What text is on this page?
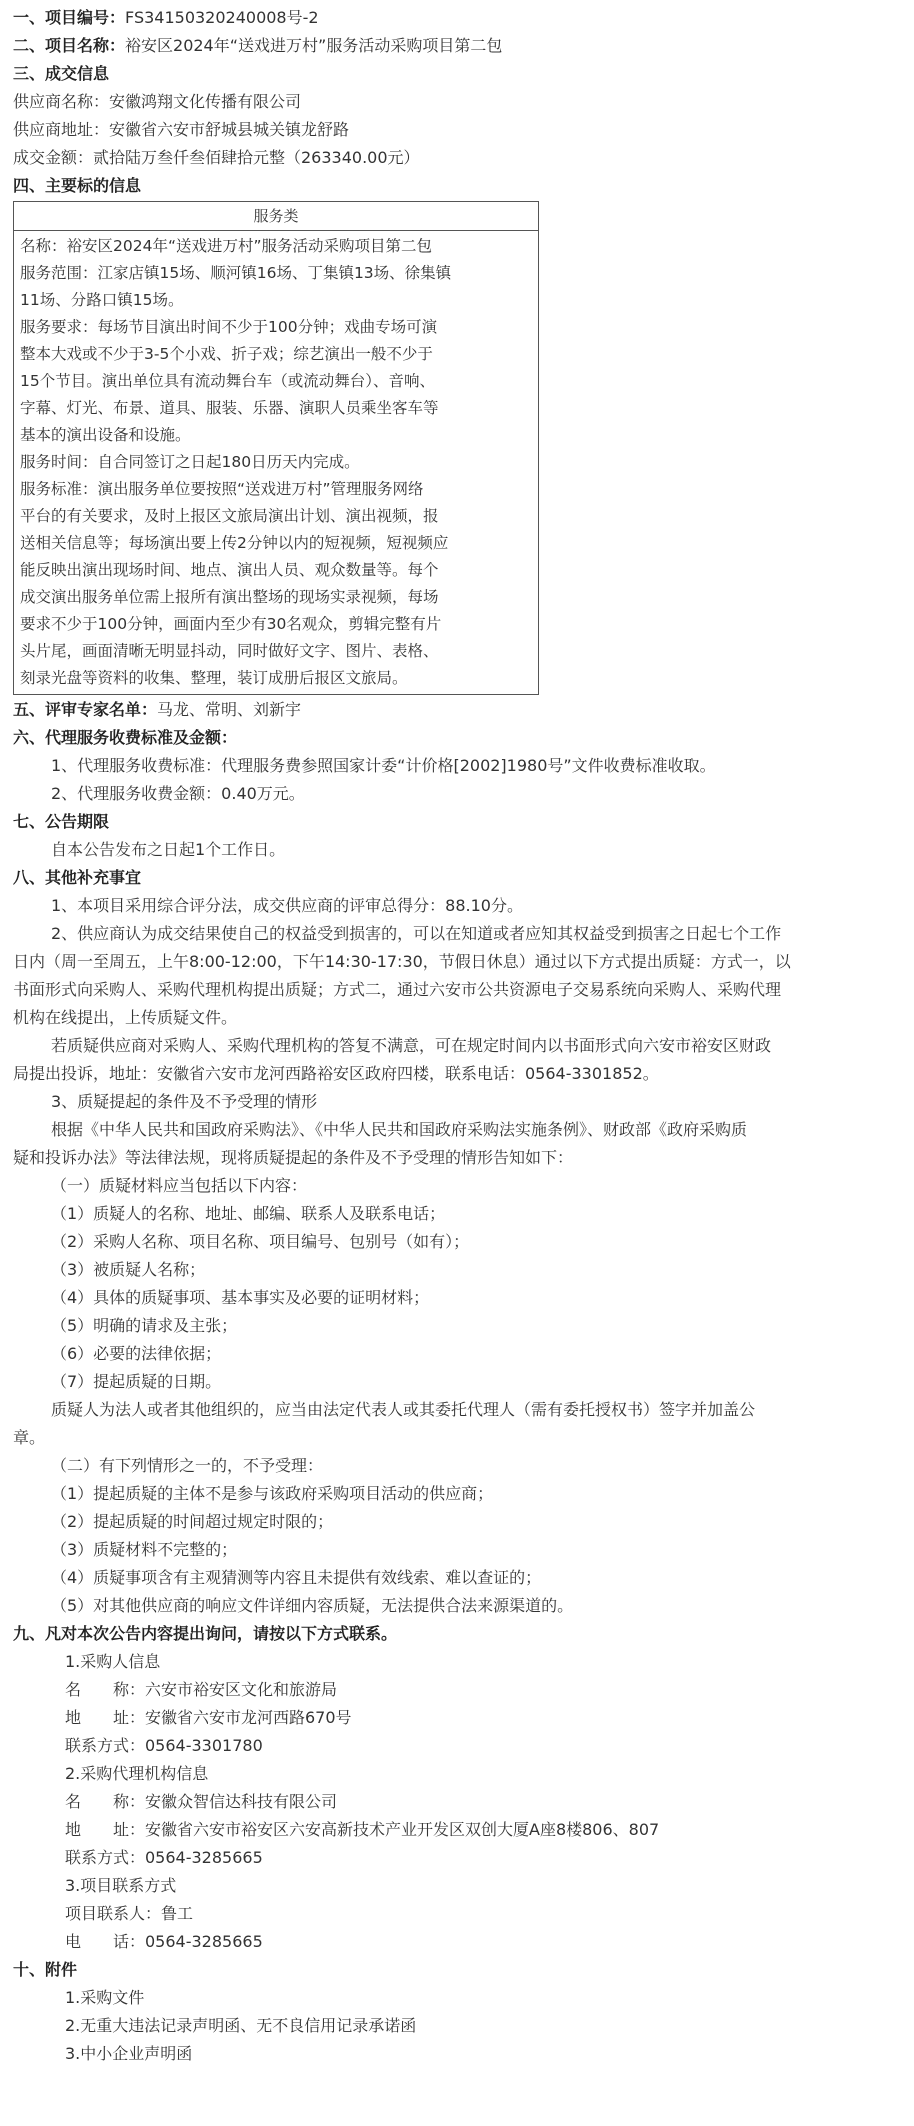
一、项目编号：FS34150320240008号-2
二、项目名称：裕安区2024年“送戏进万村”服务活动采购项目第二包
三、成交信息
供应商名称：安徽鸿翔文化传播有限公司
供应商地址：安徽省六安市舒城县城关镇龙舒路
成交金额：贰拾陆万叁仟叁佰肆拾元整（263340.00元）
四、主要标的信息
服务类
名称：裕安区2024年“送戏进万村”服务活动采购项目第二包
服务范围：江家店镇15场、顺河镇16场、丁集镇13场、徐集镇
11场、分路口镇15场。
服务要求：每场节目演出时间不少于100分钟；戏曲专场可演
整本大戏或不少于3-5个小戏、折子戏；综艺演出一般不少于
15个节目。演出单位具有流动舞台车（或流动舞台）、音响、
字幕、灯光、布景、道具、服装、乐器、演职人员乘坐客车等
基本的演出设备和设施。
服务时间：自合同签订之日起180日历天内完成。
服务标准：演出服务单位要按照“送戏进万村”管理服务网络
平台的有关要求，及时上报区文旅局演出计划、演出视频，报
送相关信息等；每场演出要上传2分钟以内的短视频，短视频应
能反映出演出现场时间、地点、演出人员、观众数量等。每个
成交演出服务单位需上报所有演出整场的现场实录视频，每场
要求不少于100分钟，画面内至少有30名观众，剪辑完整有片
头片尾，画面清晰无明显抖动，同时做好文字、图片、表格、
刻录光盘等资料的收集、整理，装订成册后报区文旅局。
五、评审专家名单：马龙、常明、刘新宇
六、代理服务收费标准及金额：
1、代理服务收费标准：代理服务费参照国家计委“计价格[2002]1980号”文件收费标准收取。
2、代理服务收费金额：0.40万元。
七、公告期限
自本公告发布之日起1个工作日。
八、其他补充事宜
1、本项目采用综合评分法，成交供应商的评审总得分：88.10分。
2、供应商认为成交结果使自己的权益受到损害的，可以在知道或者应知其权益受到损害之日起七个工作
日内（周一至周五，上午8:00-12:00，下午14:30-17:30，节假日休息）通过以下方式提出质疑：方式一，以
书面形式向采购人、采购代理机构提出质疑；方式二，通过六安市公共资源电子交易系统向采购人、采购代理
机构在线提出，上传质疑文件。
若质疑供应商对采购人、采购代理机构的答复不满意，可在规定时间内以书面形式向六安市裕安区财政
局提出投诉，地址：安徽省六安市龙河西路裕安区政府四楼，联系电话：0564-3301852。
3、质疑提起的条件及不予受理的情形
根据《中华人民共和国政府采购法》、《中华人民共和国政府采购法实施条例》、财政部《政府采购质
疑和投诉办法》等法律法规，现将质疑提起的条件及不予受理的情形告知如下：
（一）质疑材料应当包括以下内容：
（1）质疑人的名称、地址、邮编、联系人及联系电话；
（2）采购人名称、项目名称、项目编号、包别号（如有）；
（3）被质疑人名称；
（4）具体的质疑事项、基本事实及必要的证明材料；
（5）明确的请求及主张；
（6）必要的法律依据；
（7）提起质疑的日期。
质疑人为法人或者其他组织的，应当由法定代表人或其委托代理人（需有委托授权书）签字并加盖公
章。
（二）有下列情形之一的，不予受理：
（1）提起质疑的主体不是参与该政府采购项目活动的供应商；
（2）提起质疑的时间超过规定时限的；
（3）质疑材料不完整的；
（4）质疑事项含有主观猜测等内容且未提供有效线索、难以查证的；
（5）对其他供应商的响应文件详细内容质疑，无法提供合法来源渠道的。
九、凡对本次公告内容提出询问，请按以下方式联系。
1.采购人信息
名　　称：六安市裕安区文化和旅游局
地　　址：安徽省六安市龙河西路670号
联系方式：0564-3301780
2.采购代理机构信息
名　　称：安徽众智信达科技有限公司
地　　址：安徽省六安市裕安区六安高新技术产业开发区双创大厦A座8楼806、807
联系方式：0564-3285665
3.项目联系方式
项目联系人：鲁工
电　　话：0564-3285665
十、附件
1.采购文件
2.无重大违法记录声明函、无不良信用记录承诺函
3.中小企业声明函
